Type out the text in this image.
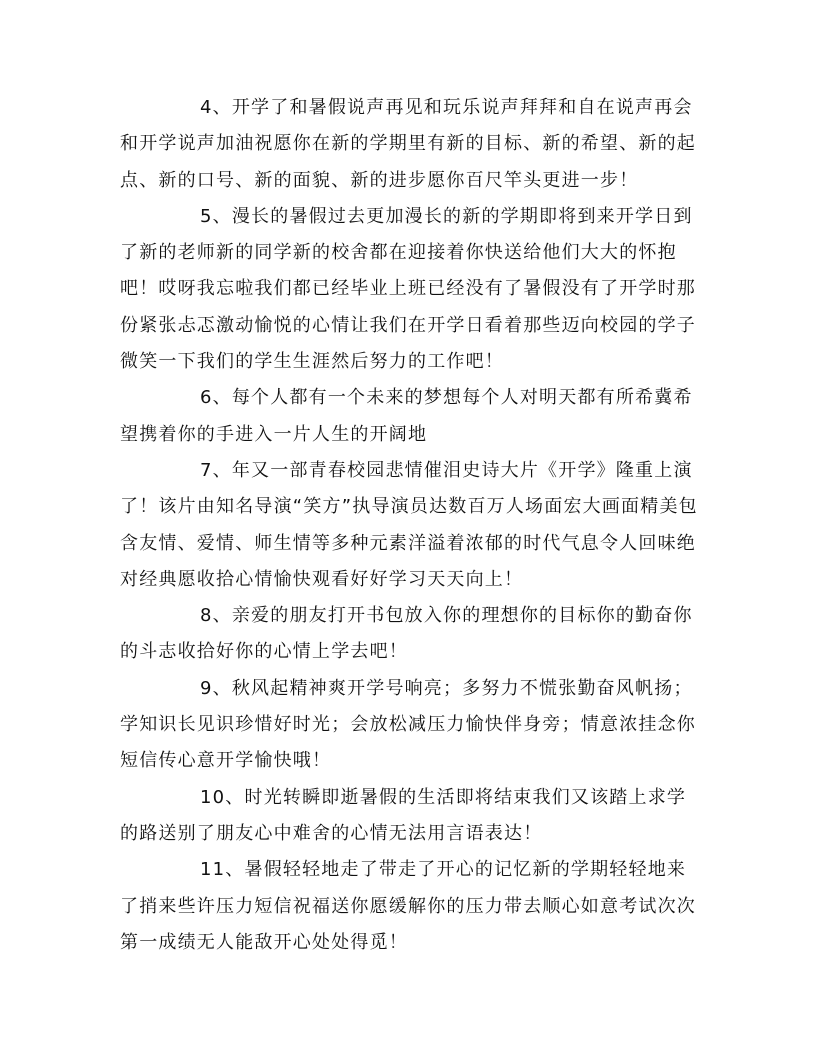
4、开学了和暑假说声再见和玩乐说声拜拜和自在说声再会和开学说声加油祝愿你在新的学期里有新的目标、新的希望、新的起点、新的口号、新的面貌、新的进步愿你百尺竿头更进一步！

5、漫长的暑假过去更加漫长的新的学期即将到来开学日到了新的老师新的同学新的校舍都在迎接着你快送给他们大大的怀抱吧！哎呀我忘啦我们都已经毕业上班已经没有了暑假没有了开学时那份紧张忐忑激动愉悦的心情让我们在开学日看着那些迈向校园的学子微笑一下我们的学生生涯然后努力的工作吧！

6、每个人都有一个未来的梦想每个人对明天都有所希冀希望携着你的手进入一片人生的开阔地

7、年又一部青春校园悲情催泪史诗大片《开学》隆重上演了！该片由知名导演“笑方”执导演员达数百万人场面宏大画面精美包含友情、爱情、师生情等多种元素洋溢着浓郁的时代气息令人回味绝对经典愿收拾心情愉快观看好好学习天天向上！

8、亲爱的朋友打开书包放入你的理想你的目标你的勤奋你的斗志收拾好你的心情上学去吧！

9、秋风起精神爽开学号响亮；多努力不慌张勤奋风帆扬；学知识长见识珍惜好时光；会放松减压力愉快伴身旁；情意浓挂念你短信传心意开学愉快哦！

10、时光转瞬即逝暑假的生活即将结束我们又该踏上求学的路送别了朋友心中难舍的心情无法用言语表达！

11、暑假轻轻地走了带走了开心的记忆新的学期轻轻地来了捎来些许压力短信祝福送你愿缓解你的压力带去顺心如意考试次次第一成绩无人能敌开心处处得觅！
